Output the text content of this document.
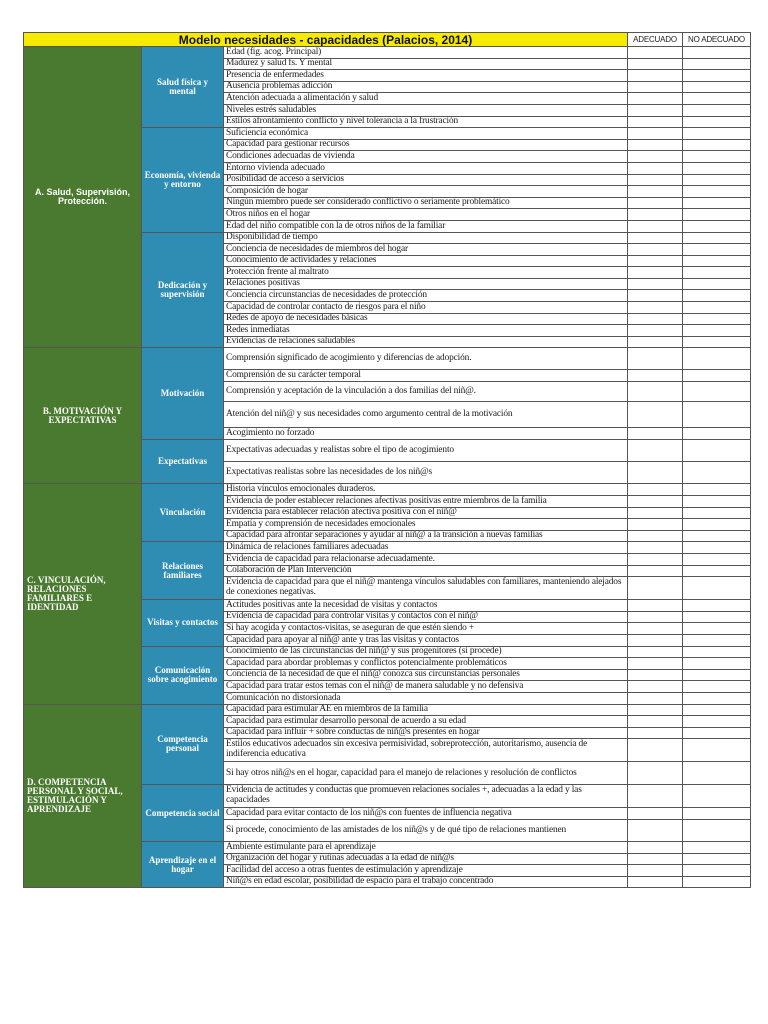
Modelo necesidades - capacidades (Palacios, 2014)			ADECUADO	NO ADECUADO
A. Salud, Supervisión, Protección.	Salud física y mental	Edad (fig. acog. Principal)		
		Madurez y salud fs. Y mental		
		Presencia de enfermedades		
		Ausencia problemas adicción		
		Atención adecuada a alimentación y salud		
		Niveles estrés saludables		
		Estilos afrontamiento conflicto y nivel tolerancia a la frustración		
	Economía, vivienda y entorno	Suficiencia económica		
		Capacidad para gestionar recursos		
		Condiciones adecuadas de vivienda		
		Entorno vivienda adecuado		
		Posibilidad de acceso a servicios		
		Composición de hogar		
		Ningún miembro puede ser considerado conflictivo o seriamente problemático		
		Otros niños en el hogar		
		Edad del niño compatible con la de otros niños de la familiar		
	Dedicación y supervisión	Disponibilidad de tiempo		
		Conciencia de necesidades de miembros del hogar		
		Conocimiento de actividades y relaciones		
		Protección frente al maltrato		
		Relaciones positivas		
		Conciencia circunstancias de necesidades de protección		
		Capacidad de controlar contacto de riesgos para el niño		
		Redes de apoyo de necesidades básicas		
		Redes inmediatas		
		Evidencias de relaciones saludables		
B. MOTIVACIÓN Y EXPECTATIVAS	Motivación	Comprensión significado de acogimiento y diferencias de adopción.		
		Comprensión de su carácter temporal		
		Comprensión y aceptación de la vinculación a dos familias del niñ@.		
		Atención del niñ@ y sus necesidades como argumento central de la motivación		
		Acogimiento no forzado		
	Expectativas	Expectativas adecuadas y realistas sobre el tipo de acogimiento		
		Expectativas realistas sobre las necesidades de los niñ@s		
C. VINCULACIÓN, RELACIONES FAMILIARES E IDENTIDAD	Vinculación	Historia vínculos emocionales duraderos.		
		Evidencia de poder establecer relaciones afectivas positivas entre miembros de la familia		
		Evidencia para establecer relación afectiva positiva con el niñ@		
		Empatía y comprensión de necesidades emocionales		
		Capacidad para afrontar separaciones y ayudar al niñ@ a la transición a nuevas familias		
	Relaciones familiares	Dinámica de relaciones familiares adecuadas		
		Evidencia de capacidad para relacionarse adecuadamente.		
		Colaboración de Plan Intervención		
		Evidencia de capacidad para que el niñ@ mantenga vínculos saludables con familiares, manteniendo alejados de conexiones negativas.		
	Visitas y contactos	Actitudes positivas ante la necesidad de visitas y contactos		
		Evidencia de capacidad para controlar visitas y contactos con el niñ@		
		Si hay acogida y contactos-visitas, se aseguran de que estén siendo +		
		Capacidad para apoyar al niñ@ ante y tras las visitas y contactos		
	Comunicación sobre acogimiento	Conocimiento de las circunstancias del niñ@ y sus progenitores (si procede)		
		Capacidad para abordar problemas y conflictos potencialmente problemáticos		
		Conciencia de la necesidad de que el niñ@ conozca sus circunstancias personales		
		Capacidad para tratar estos temas con el niñ@ de manera saludable y no defensiva		
		Comunicación no distorsionada		
D. COMPETENCIA PERSONAL Y SOCIAL, ESTIMULACIÓN Y APRENDIZAJE	Competencia personal	Capacidad para estimular AE en miembros de la familia		
		Capacidad para estimular desarrollo personal de acuerdo a su edad		
		Capacidad para influir + sobre conductas de niñ@s presentes en hogar		
		Estilos educativos adecuados sin excesiva permisividad, sobreprotección, autoritarismo, ausencia de indiferencia educativa		
		Si hay otros niñ@s en el hogar, capacidad para el manejo de relaciones y resolución de conflictos		
	Competencia social	Evidencia de actitudes y conductas que promueven relaciones sociales +, adecuadas a la edad y las capacidades		
		Capacidad para evitar contacto de los niñ@s con fuentes de influencia negativa		
		Si procede, conocimiento de las amistades de los niñ@s y de qué tipo de relaciones mantienen		
	Aprendizaje en el hogar	Ambiente estimulante para el aprendizaje		
		Organización del hogar y rutinas adecuadas a la edad de niñ@s		
		Facilidad del acceso a otras fuentes de estimulación y aprendizaje		
		Niñ@s en edad escolar, posibilidad de espacio para el trabajo concentrado		
